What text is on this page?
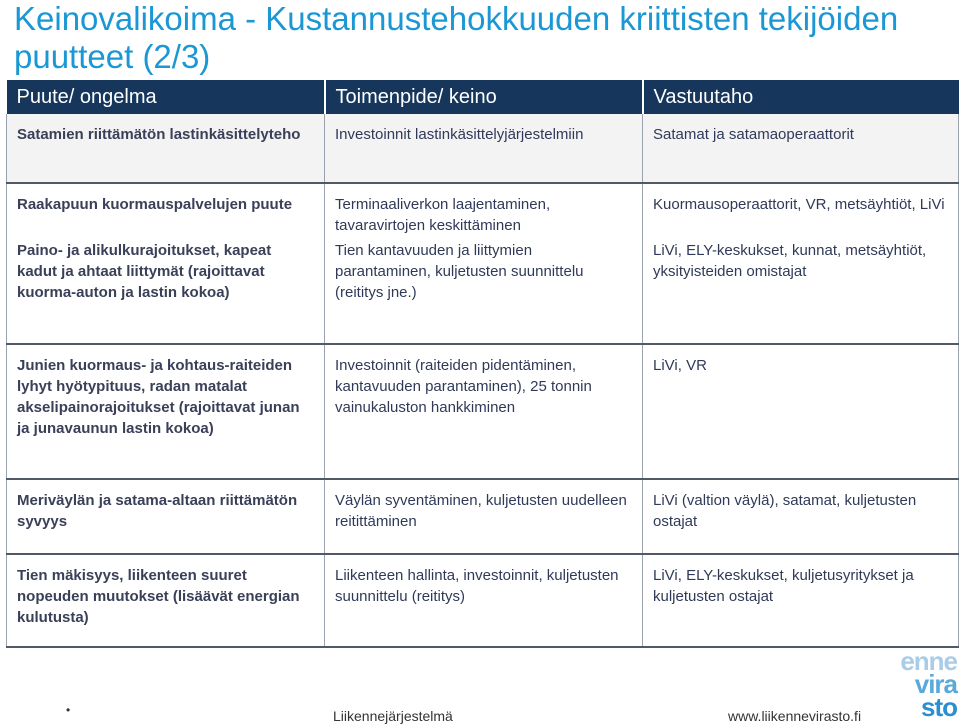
Keinovalikoima - Kustannustehokkuuden kriittisten tekijöiden puutteet (2/3)
Puute/ ongelma	Toimenpide/ keino	Vastuutaho
Satamien riittämätön lastinkäsittelyteho	Investoinnit lastinkäsittelyjärjestelmiin	Satamat ja satamaoperaattorit
Raakapuun kuormauspalvelujen puute	Terminaaliverkon laajentaminen, tavaravirtojen keskittäminen	Kuormausoperaattorit, VR, metsäyhtiöt, LiVi
Paino- ja alikulkurajoitukset, kapeat kadut ja ahtaat liittymät (rajoittavat kuorma-auton ja lastin kokoa)	Tien kantavuuden ja liittymien parantaminen, kuljetusten suunnittelu (reititys jne.)	LiVi, ELY-keskukset, kunnat, metsäyhtiöt, yksityisteiden omistajat
Junien kuormaus- ja kohtaus-raiteiden lyhyt hyötypituus, radan matalat akselipainorajoitukset (rajoittavat junan ja junavaunun lastin kokoa)	Investoinnit (raiteiden pidentäminen, kantavuuden parantaminen), 25 tonnin vainukaluston hankkiminen	LiVi, VR
Meriväylän ja satama-altaan riittämätön syvyys	Väylän syventäminen, kuljetusten uudelleen reitittäminen	LiVi (valtion väylä), satamat, kuljetusten ostajat
Tien mäkisyys, liikenteen suuret nopeuden muutokset (lisäävät energian kulutusta)	Liikenteen hallinta, investoinnit, kuljetusten suunnittelu (reititys)	LiVi, ELY-keskukset, kuljetusyritykset ja kuljetusten ostajat
•	Liikennejärjestelmä	www.liikennevirasto.fi
enne
vira
sto
